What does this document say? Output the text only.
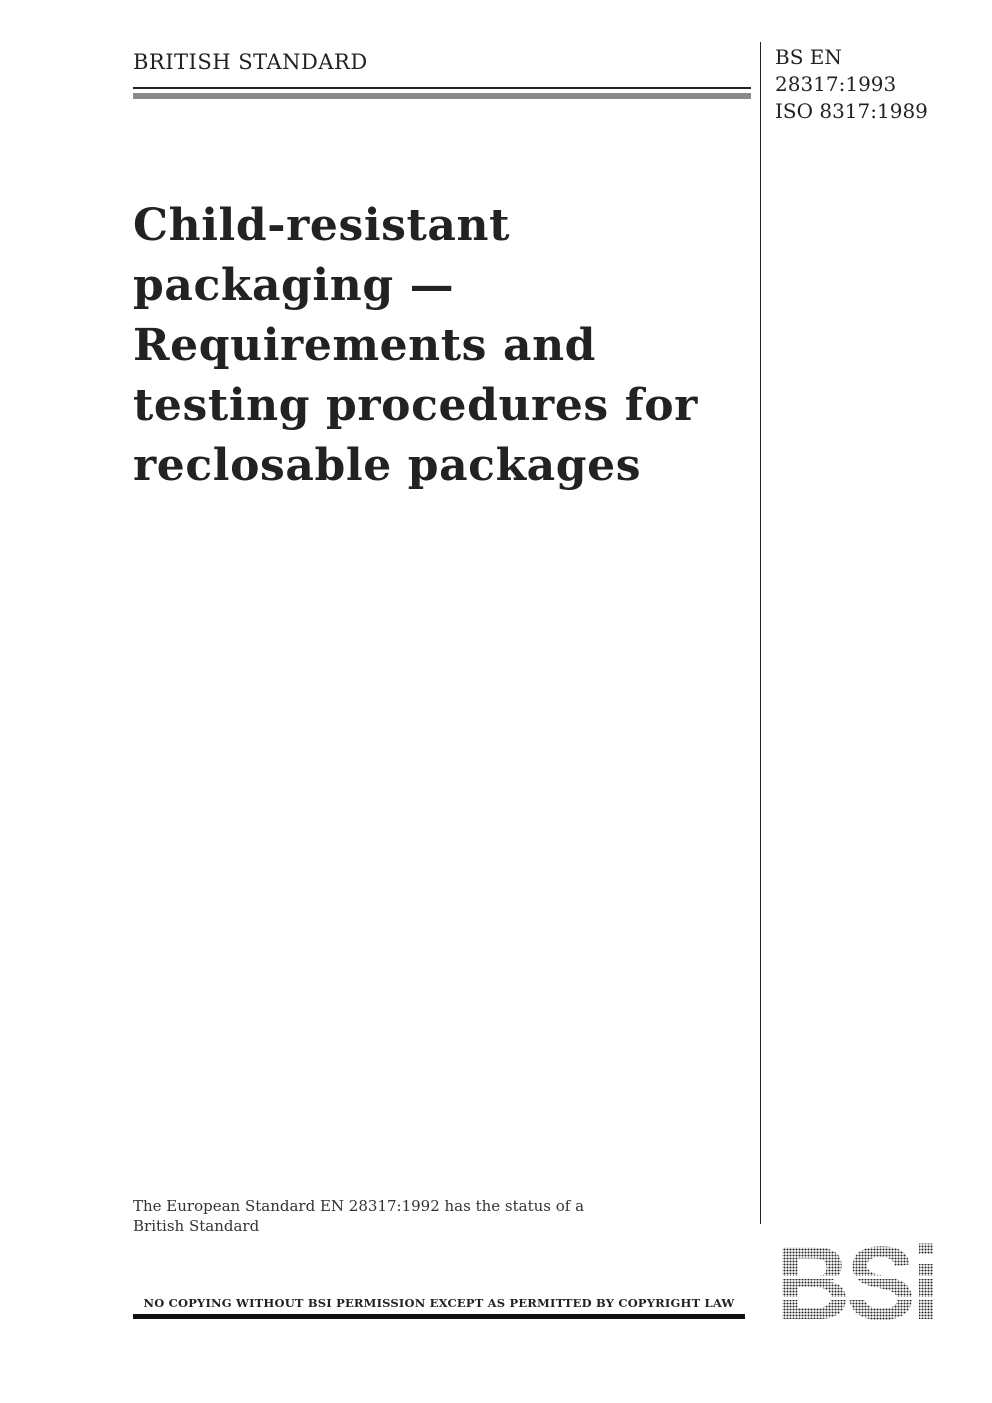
BRITISH STANDARD	BS EN
28317:1993
ISO 8317:1989
Child-resistant
packaging —
Requirements and
testing procedures for
reclosable packages
The European Standard EN 28317:1992 has the status of a
British Standard
NO COPYING WITHOUT BSI PERMISSION EXCEPT AS PERMITTED BY COPYRIGHT LAW
